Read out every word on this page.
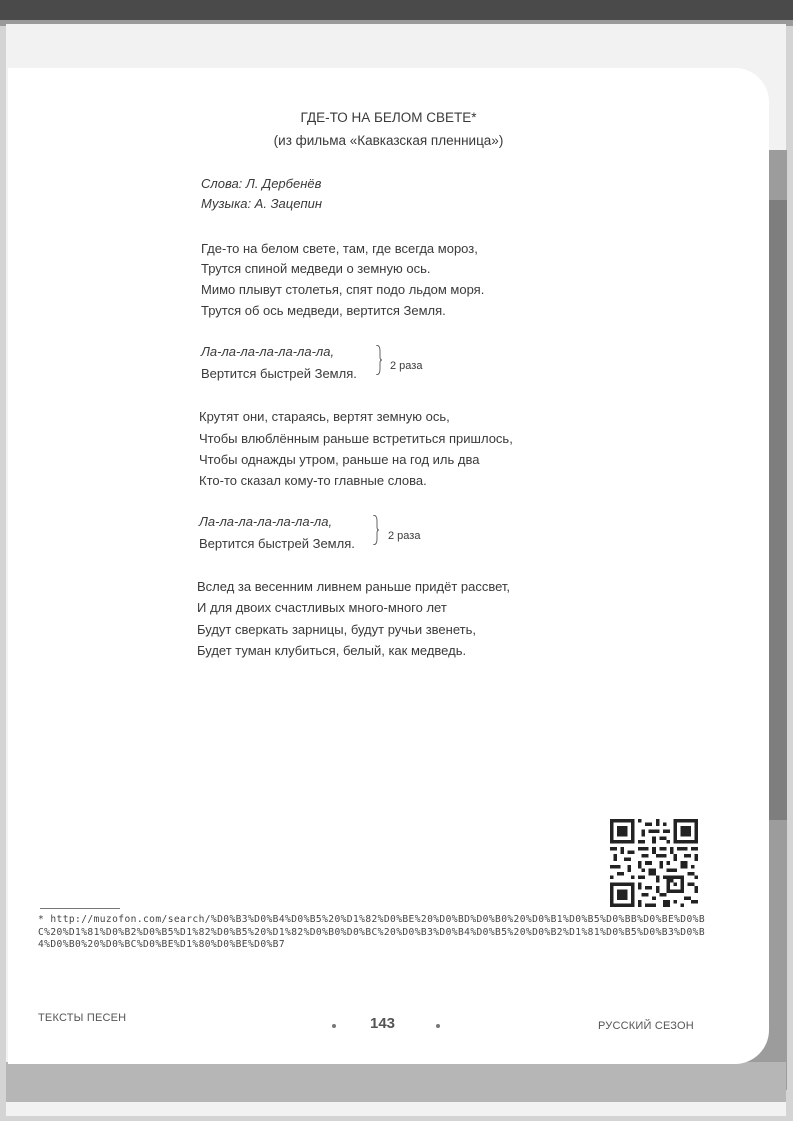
ГДЕ-ТО НА БЕЛОМ СВЕТЕ*
(из фильма «Кавказская пленница»)
Слова: Л. Дербенёв
Музыка: А. Зацепин
Где-то на белом свете, там, где всегда мороз,
Трутся спиной медведи о земную ось.
Мимо плывут столетья, спят подо льдом моря.
Трутся об ось медведи, вертится Земля.
Ла-ла-ла-ла-ла-ла-ла,
Вертится быстрей Земля.	2 раза
Крутят они, стараясь, вертят земную ось,
Чтобы влюблённым раньше встретиться пришлось,
Чтобы однажды утром, раньше на год иль два
Кто-то сказал кому-то главные слова.
Ла-ла-ла-ла-ла-ла-ла,
Вертится быстрей Земля.	2 раза
Вслед за весенним ливнем раньше придёт рассвет,
И для двоих счастливых много-много лет
Будут сверкать зарницы, будут ручьи звенеть,
Будет туман клубиться, белый, как медведь.
* http://muzofon.com/search/%D0%B3%D0%B4%D0%B5%20%D1%82%D0%BE%20%D0%BD%D0%B0%20%D0%B1%D0%B5%D0%BB%D0%BE%D0%BC%20%D1%81%D0%B2%D0%B5%D1%82%D0%B5%20%D1%82%D0%B0%D0%BC%20%D0%B3%D0%B4%D0%B5%20%D0%B2%D1%81%D0%B5%D0%B3%D0%B4%D0%B0%20%D0%BC%D0%BE%D1%80%D0%BE%D0%B7
ТЕКСТЫ ПЕСЕН	143	РУССКИЙ СЕЗОН
